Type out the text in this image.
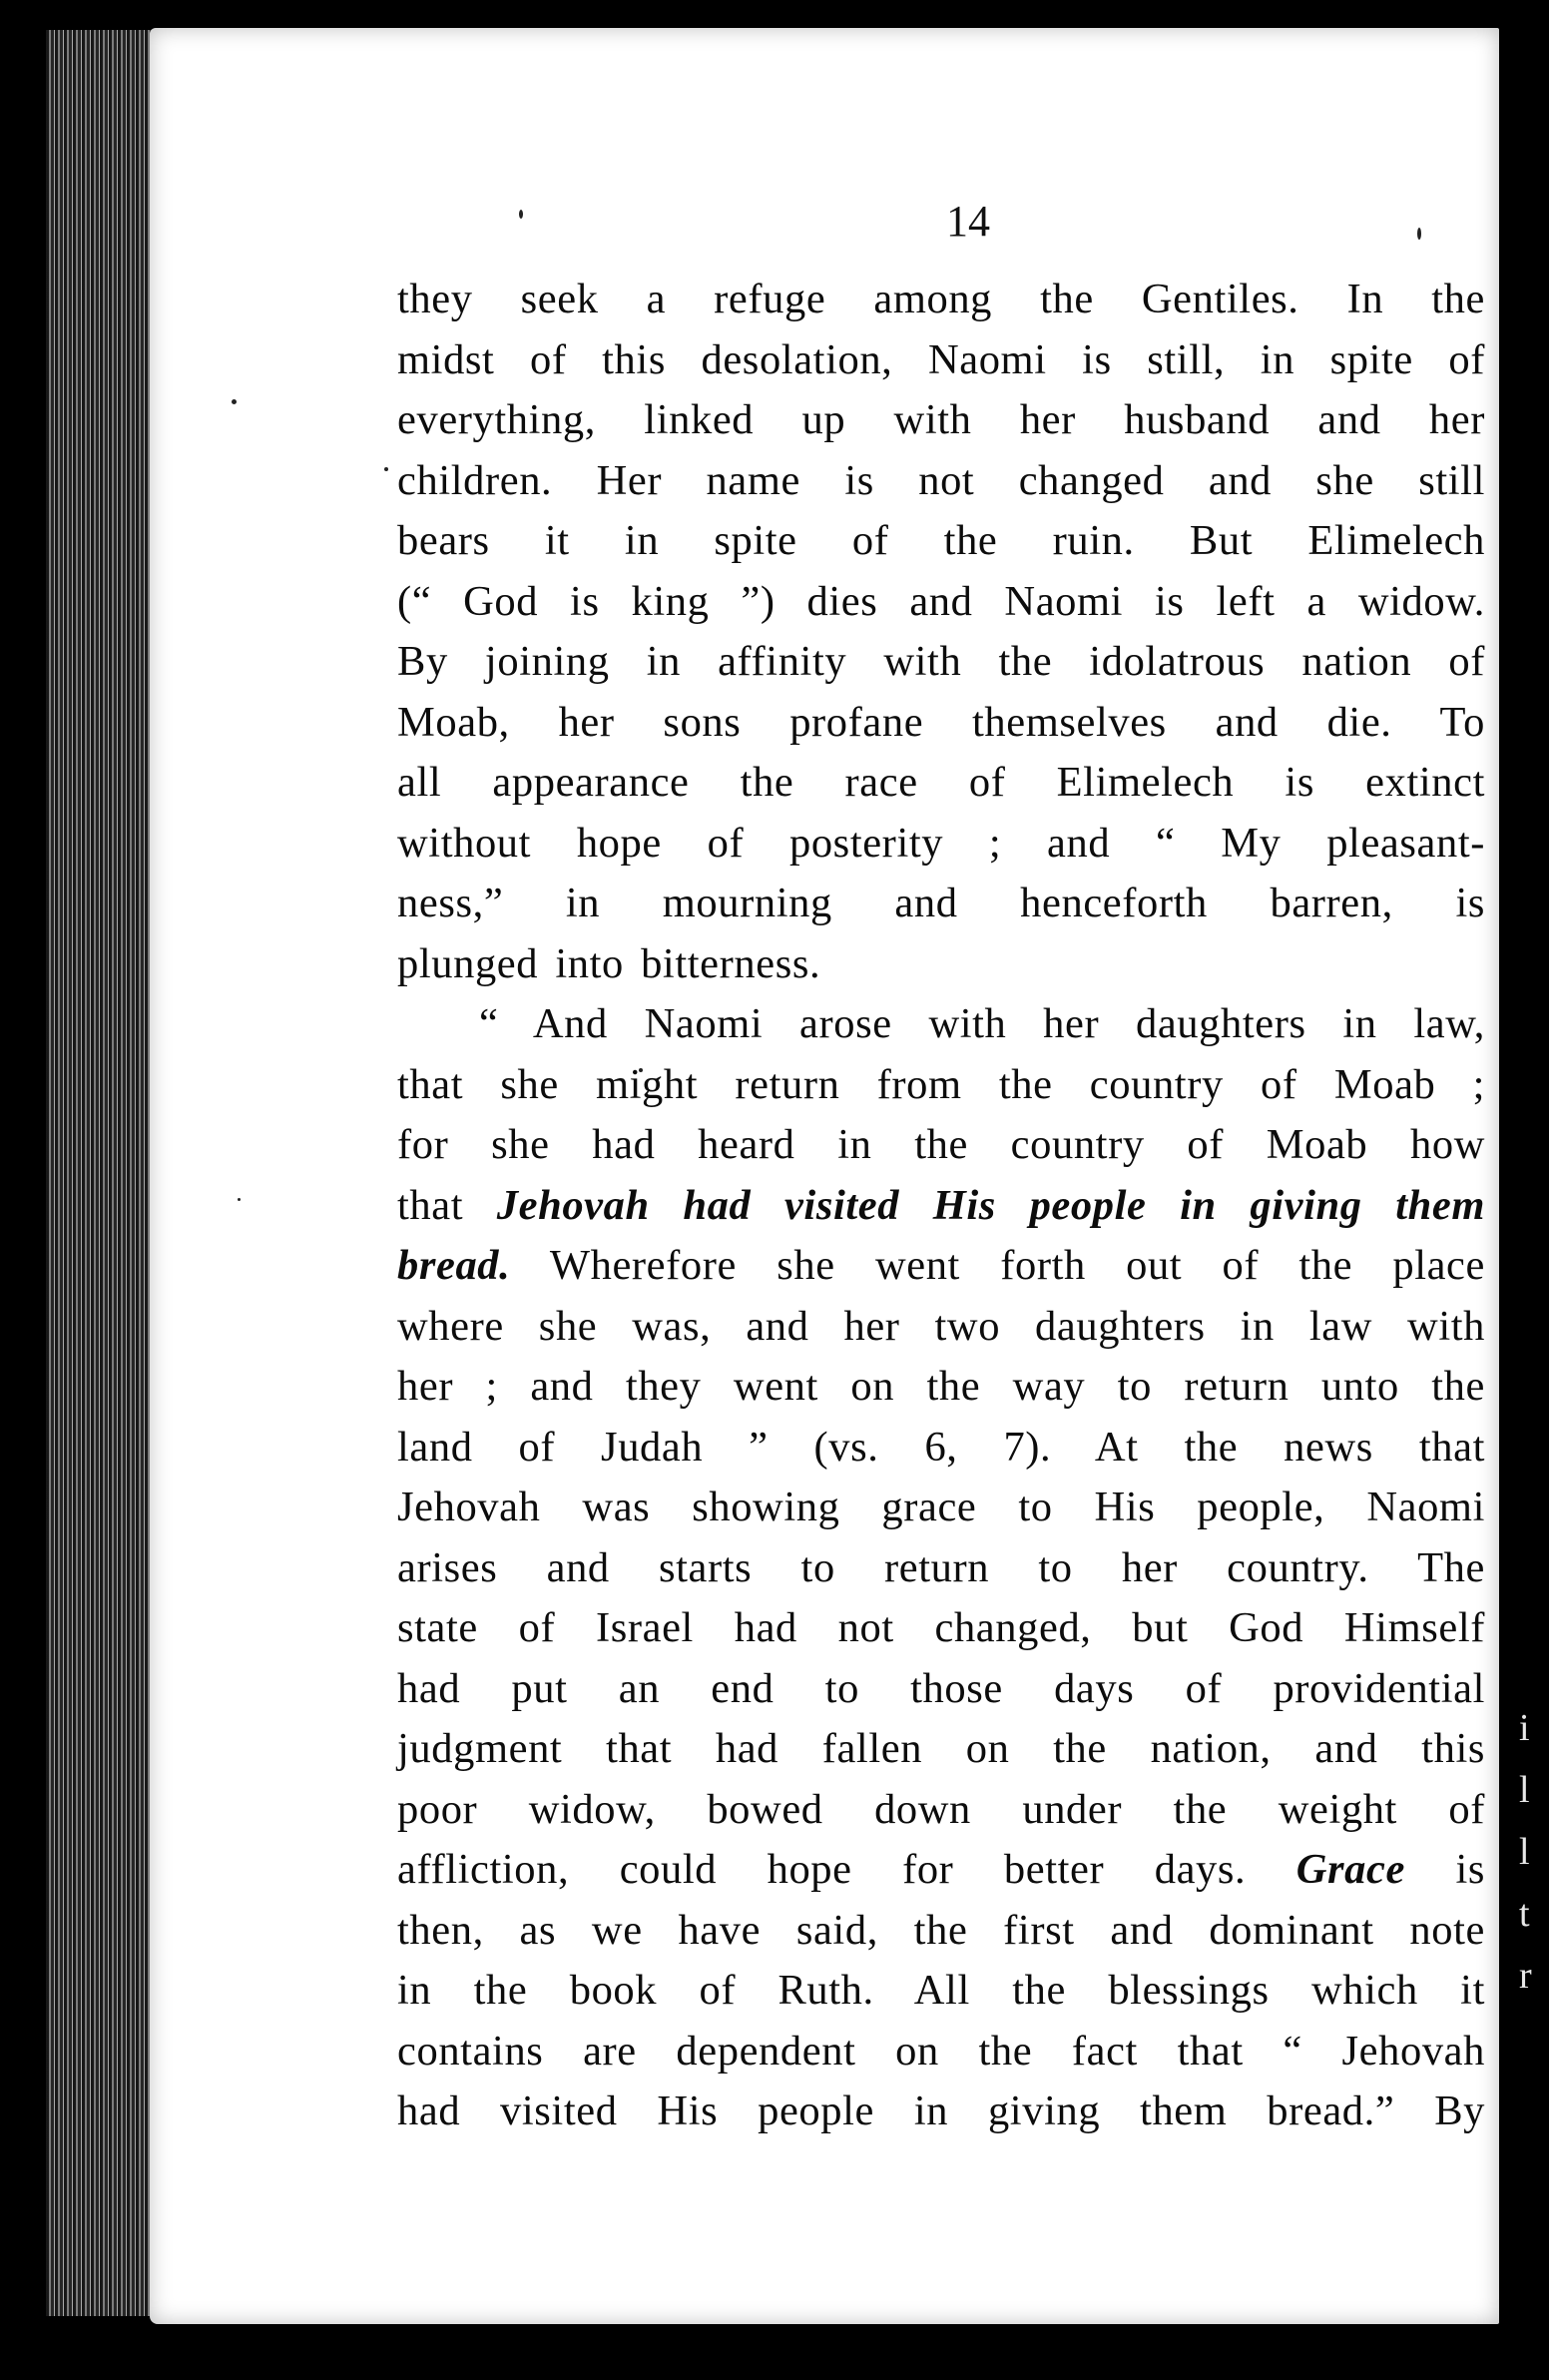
14
they seek a refuge among the Gentiles. In the
midst of this desolation, Naomi is still, in spite of
everything, linked up with her husband and her
children. Her name is not changed and she still
bears it in spite of the ruin. But Elimelech
(“ God is king ”) dies and Naomi is left a widow.
By joining in affinity with the idolatrous nation of
Moab, her sons profane themselves and die. To
all appearance the race of Elimelech is extinct
without hope of posterity ; and “ My pleasant-
ness,” in mourning and henceforth barren, is
plunged into bitterness.
“ And Naomi arose with her daughters in law,
that she might return from the country of Moab ;
for she had heard in the country of Moab how
that Jehovah had visited His people in giving them
bread. Wherefore she went forth out of the place
where she was, and her two daughters in law with
her ; and they went on the way to return unto the
land of Judah ” (vs. 6, 7). At the news that
Jehovah was showing grace to His people, Naomi
arises and starts to return to her country. The
state of Israel had not changed, but God Himself
had put an end to those days of providential
judgment that had fallen on the nation, and this
poor widow, bowed down under the weight of
affliction, could hope for better days. Grace is
then, as we have said, the first and dominant note
in the book of Ruth. All the blessings which it
contains are dependent on the fact that “ Jehovah
had visited His people in giving them bread.” By
i
l
l
t
r
